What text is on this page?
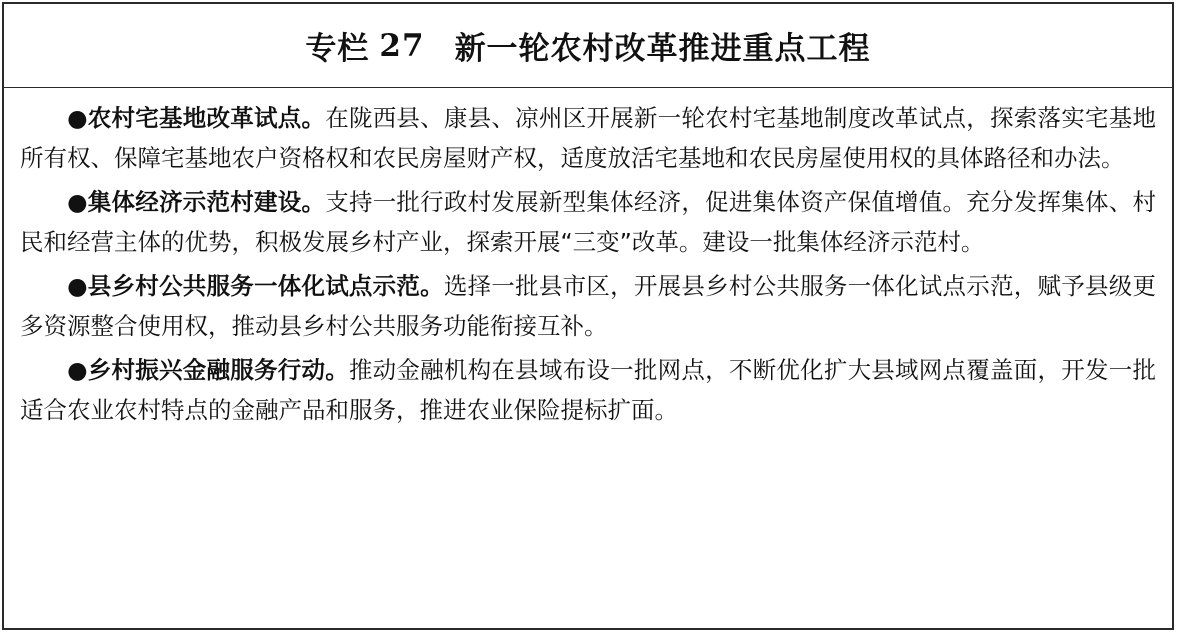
专栏 27 新一轮农村改革推进重点工程

●农村宅基地改革试点。在陇西县、康县、凉州区开展新一轮农村宅基地制度改革试点，探索落实宅基地所有权、保障宅基地农户资格权和农民房屋财产权，适度放活宅基地和农民房屋使用权的具体路径和办法。

●集体经济示范村建设。支持一批行政村发展新型集体经济，促进集体资产保值增值。充分发挥集体、村民和经营主体的优势，积极发展乡村产业，探索开展“三变”改革。建设一批集体经济示范村。

●县乡村公共服务一体化试点示范。选择一批县市区，开展县乡村公共服务一体化试点示范，赋予县级更多资源整合使用权，推动县乡村公共服务功能衔接互补。

●乡村振兴金融服务行动。推动金融机构在县域布设一批网点，不断优化扩大县域网点覆盖面，开发一批适合农业农村特点的金融产品和服务，推进农业保险提标扩面。
